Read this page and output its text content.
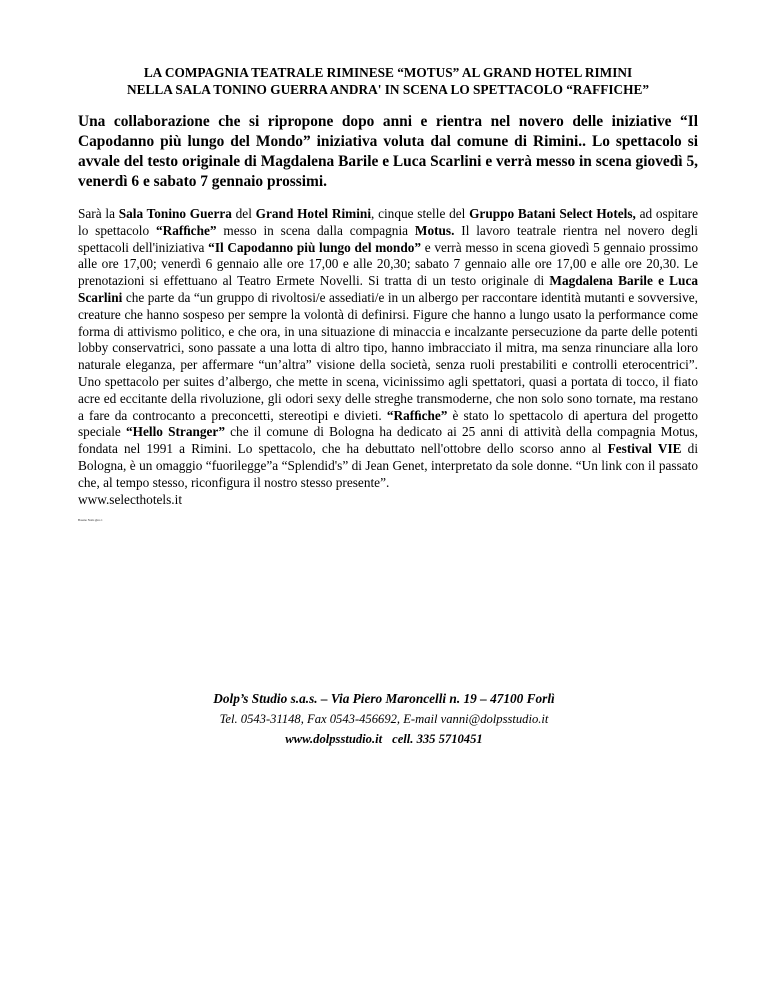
LA COMPAGNIA TEATRALE RIMINESE “MOTUS” AL GRAND HOTEL RIMINI
NELLA SALA TONINO GUERRA ANDRA' IN SCENA LO SPETTACOLO “RAFFICHE”

Una collaborazione che si ripropone dopo anni e rientra nel novero delle iniziative “Il Capodanno più lungo del Mondo” iniziativa voluta dal comune di Rimini.. Lo spettacolo si avvale del testo originale di Magdalena Barile e Luca Scarlini e verrà messo in scena giovedì 5, venerdì 6 e sabato 7 gennaio prossimi.

Sarà la Sala Tonino Guerra del Grand Hotel Rimini, cinque stelle del Gruppo Batani Select Hotels, ad ospitare lo spettacolo “Rafﬁche” messo in scena dalla compagnia Motus. Il lavoro teatrale rientra nel novero degli spettacoli dell'iniziativa “Il Capodanno più lungo del mondo” e verrà messo in scena giovedì 5 gennaio prossimo alle ore 17,00; venerdì 6 gennaio alle ore 17,00 e alle 20,30; sabato 7 gennaio alle ore 17,00 e alle ore 20,30. Le prenotazioni si effettuano al Teatro Ermete Novelli. Si tratta di un testo originale di Magdalena Barile e Luca Scarlini che parte da “un gruppo di rivoltosi/e assediati/e in un albergo per raccontare identità mutanti e sovversive, creature che hanno sospeso per sempre la volontà di definirsi. Figure che hanno a lungo usato la performance come forma di attivismo politico, e che ora, in una situazione di minaccia e incalzante persecuzione da parte delle potenti lobby conservatrici, sono passate a una lotta di altro tipo, hanno imbracciato il mitra, ma senza rinunciare alla loro naturale eleganza, per affermare “un’altra” visione della società, senza ruoli prestabiliti e controlli eterocentrici”. Uno spettacolo per suites d’albergo, che mette in scena, vicinissimo agli spettatori, quasi a portata di tocco, il fiato acre ed eccitante della rivoluzione, gli odori sexy delle streghe transmoderne, che non solo sono tornate, ma restano a fare da controcanto a preconcetti, stereotipi e divieti. “Rafﬁche” è stato lo spettacolo di apertura del progetto speciale “Hello Stranger” che il comune di Bologna ha dedicato ai 25 anni di attività della compagnia Motus, fondata nel 1991 a Rimini. Lo spettacolo, che ha debuttato nell'ottobre dello scorso anno al Festival VIE di Bologna, è un omaggio “fuorilegge”a “Splendid's” di Jean Genet, interpretato da sole donne. “Un link con il passato che, al tempo stesso, riconfigura il nostro stesso presente”.

www.selecthotels.it

Bosano Notis gino 1

Dolp’s Studio s.a.s. – Via Piero Maroncelli n. 19 – 47100 Forlì
Tel. 0543-31148, Fax 0543-456692, E-mail vanni@dolpsstudio.it
www.dolpsstudio.it cell. 335 5710451
